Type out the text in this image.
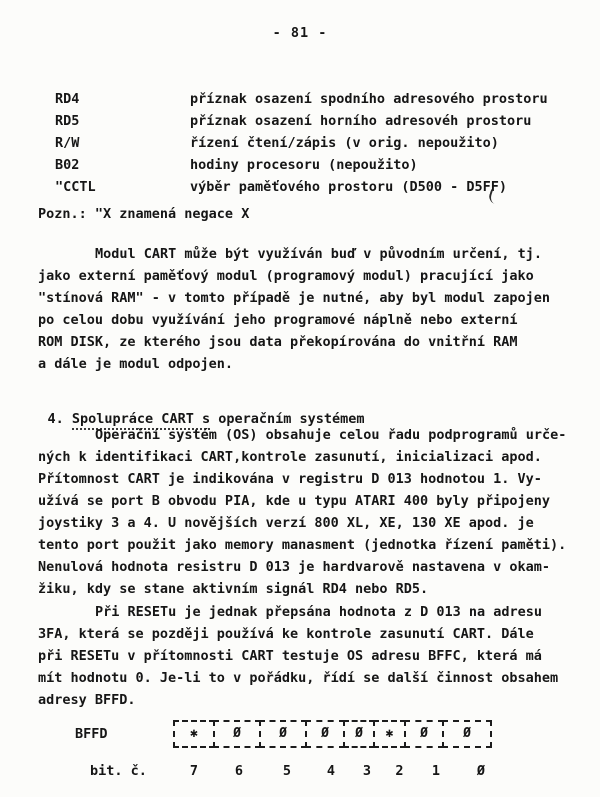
- 81 -
RD4	příznak osazení spodního adresového prostoru
RD5	příznak osazení horního adresovéh prostoru
R/W	řízení čtení/zápis (v orig. nepoužito)
B02	hodiny procesoru (nepoužito)
"CCTL	výběr paměťového prostoru (D500 - D5FF)
Pozn.: "X znamená negace X
Modul CART může být využíván buď v původním určení, tj.
jako externí paměťový modul (programový modul) pracující jako
"stínová RAM" - v tomto případě je nutné, aby byl modul zapojen
po celou dobu využívání jeho programové náplně nebo externí
ROM DISK, ze kterého jsou data překopírována do vnitřní RAM
a dále je modul odpojen.

4. Spolupráce CART s operačním systémem

Operační systém (OS) obsahuje celou řadu podprogramů urče-
ných k identifikaci CART,kontrole zasunutí, inicializaci apod.
Přítomnost CART je indikována v registru D 013 hodnotou 1. Vy-
užívá se port B obvodu PIA, kde u typu ATARI 400 byly připojeny
joystiky 3 a 4. U novějších verzí 800 XL, XE, 130 XE apod. je
tento port použit jako memory manasment (jednotka řízení paměti).
Nenulová hodnota resistru D 013 je hardvarově nastavena v okam-
žiku, kdy se stane aktivním signál RD4 nebo RD5.
Při RESETu je jednak přepsána hodnota z D 013 na adresu
3FA, která se později používá ke kontrole zasunutí CART. Dále
při RESETu v přítomnosti CART testuje OS adresu BFFC, která má
mít hodnotu 0. Je-li to v pořádku, řídí se další činnost obsahem
adresy BFFD.
BFFD	✱	Ø	Ø	Ø	Ø	✱	Ø	Ø
bit. č.	7	6	5	4	3	2	1	Ø
